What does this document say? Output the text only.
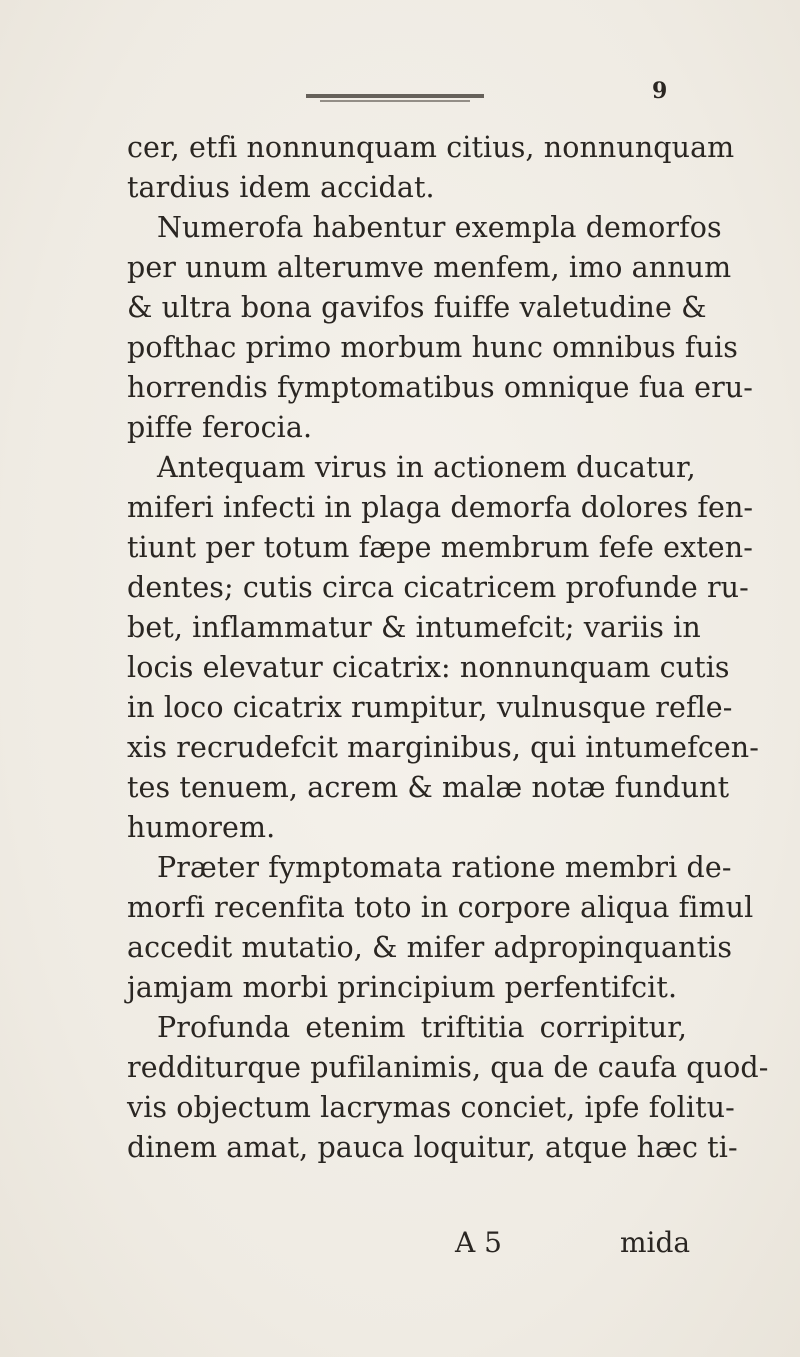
9
cer, etfi nonnunquam citius, nonnunquam
tardius idem accidat.
Numerofa habentur exempla demorfos
per unum alterumve menfem, imo annum
& ultra bona gavifos fuiffe valetudine &
pofthac primo morbum hunc omnibus fuis
horrendis fymptomatibus omnique fua eru-
piffe ferocia.
Antequam virus in actionem ducatur,
miferi infecti in plaga demorfa dolores fen-
tiunt per totum fæpe membrum fefe exten-
dentes; cutis circa cicatricem profunde ru-
bet, inflammatur & intumefcit; variis in
locis elevatur cicatrix: nonnunquam cutis
in loco cicatrix rumpitur, vulnusque refle-
xis recrudefcit marginibus, qui intumefcen-
tes tenuem, acrem & malæ notæ fundunt
humorem.
Præter fymptomata ratione membri de-
morfi recenfita toto in corpore aliqua fimul
accedit mutatio, & mifer adpropinquantis
jamjam morbi principium perfentifcit.
Profunda etenim triftitia corripitur,
redditurque pufilanimis, qua de caufa quod-
vis objectum lacrymas conciet, ipfe folitu-
dinem amat, pauca loquitur, atque hæc ti-
A 5	mida
